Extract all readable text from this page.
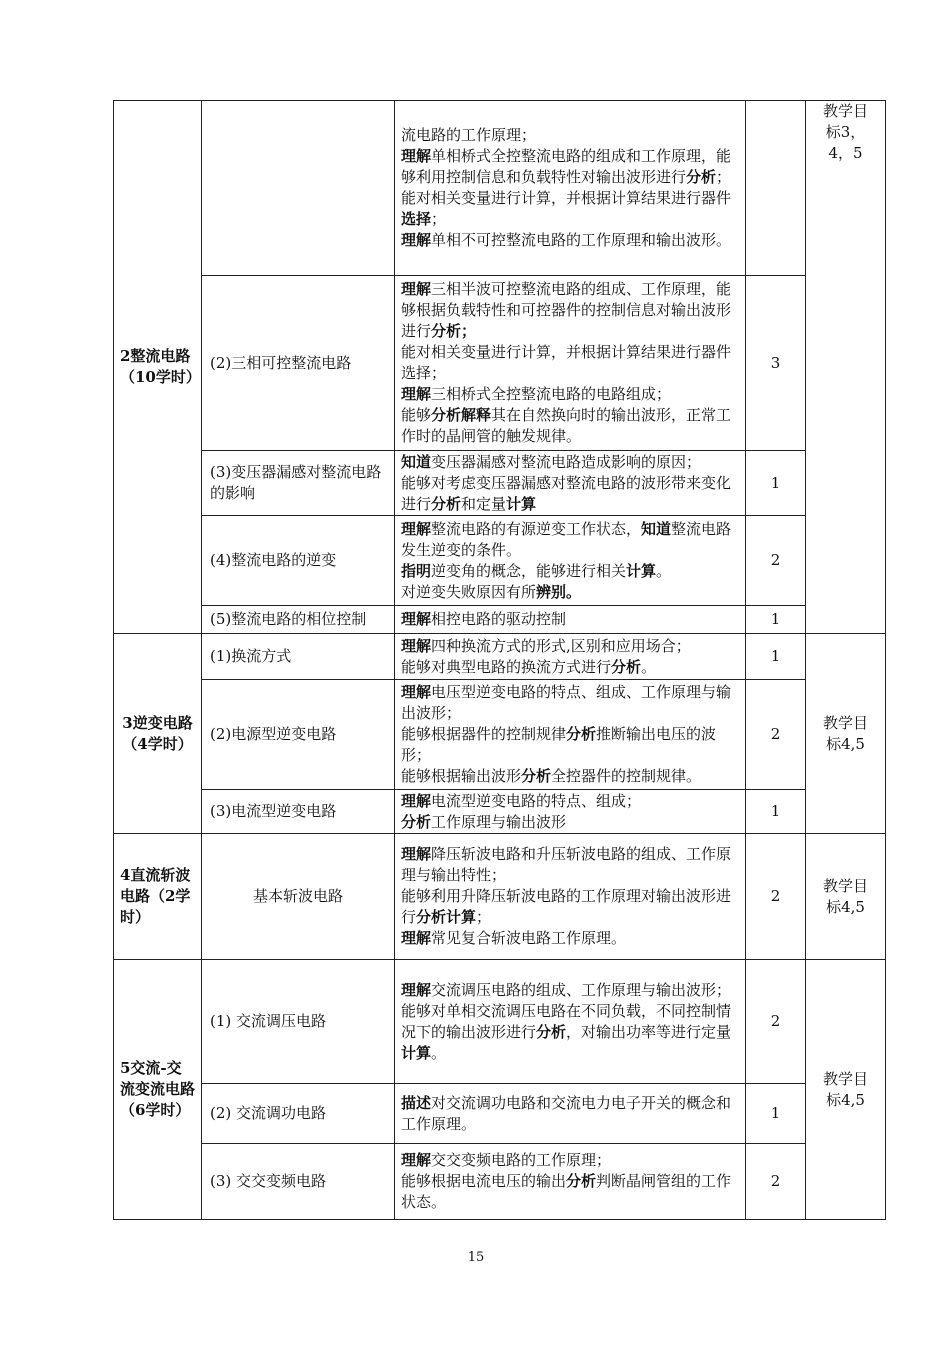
2整流电路（10学时）		流电路的工作原理；
理解单相桥式全控整流电路的组成和工作原理，能够利用控制信息和负载特性对输出波形进行分析；
能对相关变量进行计算，并根据计算结果进行器件选择；
理解单相不可控整流电路的工作原理和输出波形。		教学目标3，4，5
	(2)三相可控整流电路	理解三相半波可控整流电路的组成、工作原理，能够根据负载特性和可控器件的控制信息对输出波形进行分析；
能对相关变量进行计算，并根据计算结果进行器件选择；
理解三相桥式全控整流电路的电路组成；
能够分析解释其在自然换向时的输出波形，正常工作时的晶闸管的触发规律。	3	
	(3)变压器漏感对整流电路的影响	知道变压器漏感对整流电路造成影响的原因；
能够对考虑变压器漏感对整流电路的波形带来变化进行分析和定量计算	1	
	(4)整流电路的逆变	理解整流电路的有源逆变工作状态，知道整流电路发生逆变的条件。
指明逆变角的概念，能够进行相关计算。
对逆变失败原因有所辨别。	2	
	(5)整流电路的相位控制	理解相控电路的驱动控制	1	
3逆变电路（4学时）	(1)换流方式	理解四种换流方式的形式,区别和应用场合；
能够对典型电路的换流方式进行分析。	1	教学目标4,5
	(2)电源型逆变电路	理解电压型逆变电路的特点、组成、工作原理与输出波形；
能够根据器件的控制规律分析推断输出电压的波形；
能够根据输出波形分析全控器件的控制规律。	2	
	(3)电流型逆变电路	理解电流型逆变电路的特点、组成；
分析工作原理与输出波形	1	
4直流斩波电路（2学时）	基本斩波电路	理解降压斩波电路和升压斩波电路的组成、工作原理与输出特性；
能够利用升降压斩波电路的工作原理对输出波形进行分析计算；
理解常见复合斩波电路工作原理。	2	教学目标4,5
5交流-交流变流电路（6学时）	(1) 交流调压电路	理解交流调压电路的组成、工作原理与输出波形；
能够对单相交流调压电路在不同负载，不同控制情况下的输出波形进行分析，对输出功率等进行定量计算。	2	教学目标4,5
	(2) 交流调功电路	描述对交流调功电路和交流电力电子开关的概念和工作原理。	1	
	(3) 交交变频电路	理解交交变频电路的工作原理；
能够根据电流电压的输出分析判断晶闸管组的工作状态。	2	
15
